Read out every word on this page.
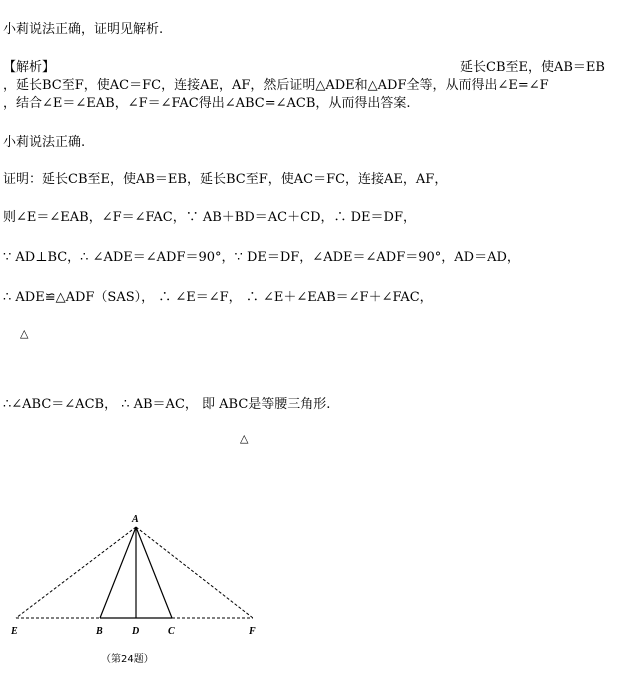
小莉说法正确，证明见解析.
【解析】	延长CB至E，使AB＝EB
，延长BC至F，使AC＝FC，连接AE，AF，然后证明△ADE和△ADF全等，从而得出∠E=∠F
，结合∠E＝∠EAB，∠F＝∠FAC得出∠ABC=∠ACB，从而得出答案.
小莉说法正确.
证明：延长CB至E，使AB＝EB，延长BC至F，使AC＝FC，连接AE，AF，
则∠E＝∠EAB，∠F＝∠FAC，∵ AB＋BD＝AC＋CD，∴ DE＝DF，
∵ AD⊥BC，∴ ∠ADE＝∠ADF＝90°，∵ DE＝DF，∠ADE＝∠ADF＝90°，AD＝AD，
∴ ADE≌△ADF（SAS）， ∴ ∠E＝∠F， ∴ ∠E＋∠EAB＝∠F＋∠FAC，
△
∴∠ABC＝∠ACB， ∴ AB＝AC， 即 ABC是等腰三角形.
△
A
E	B	D	C	F
（第24题）
